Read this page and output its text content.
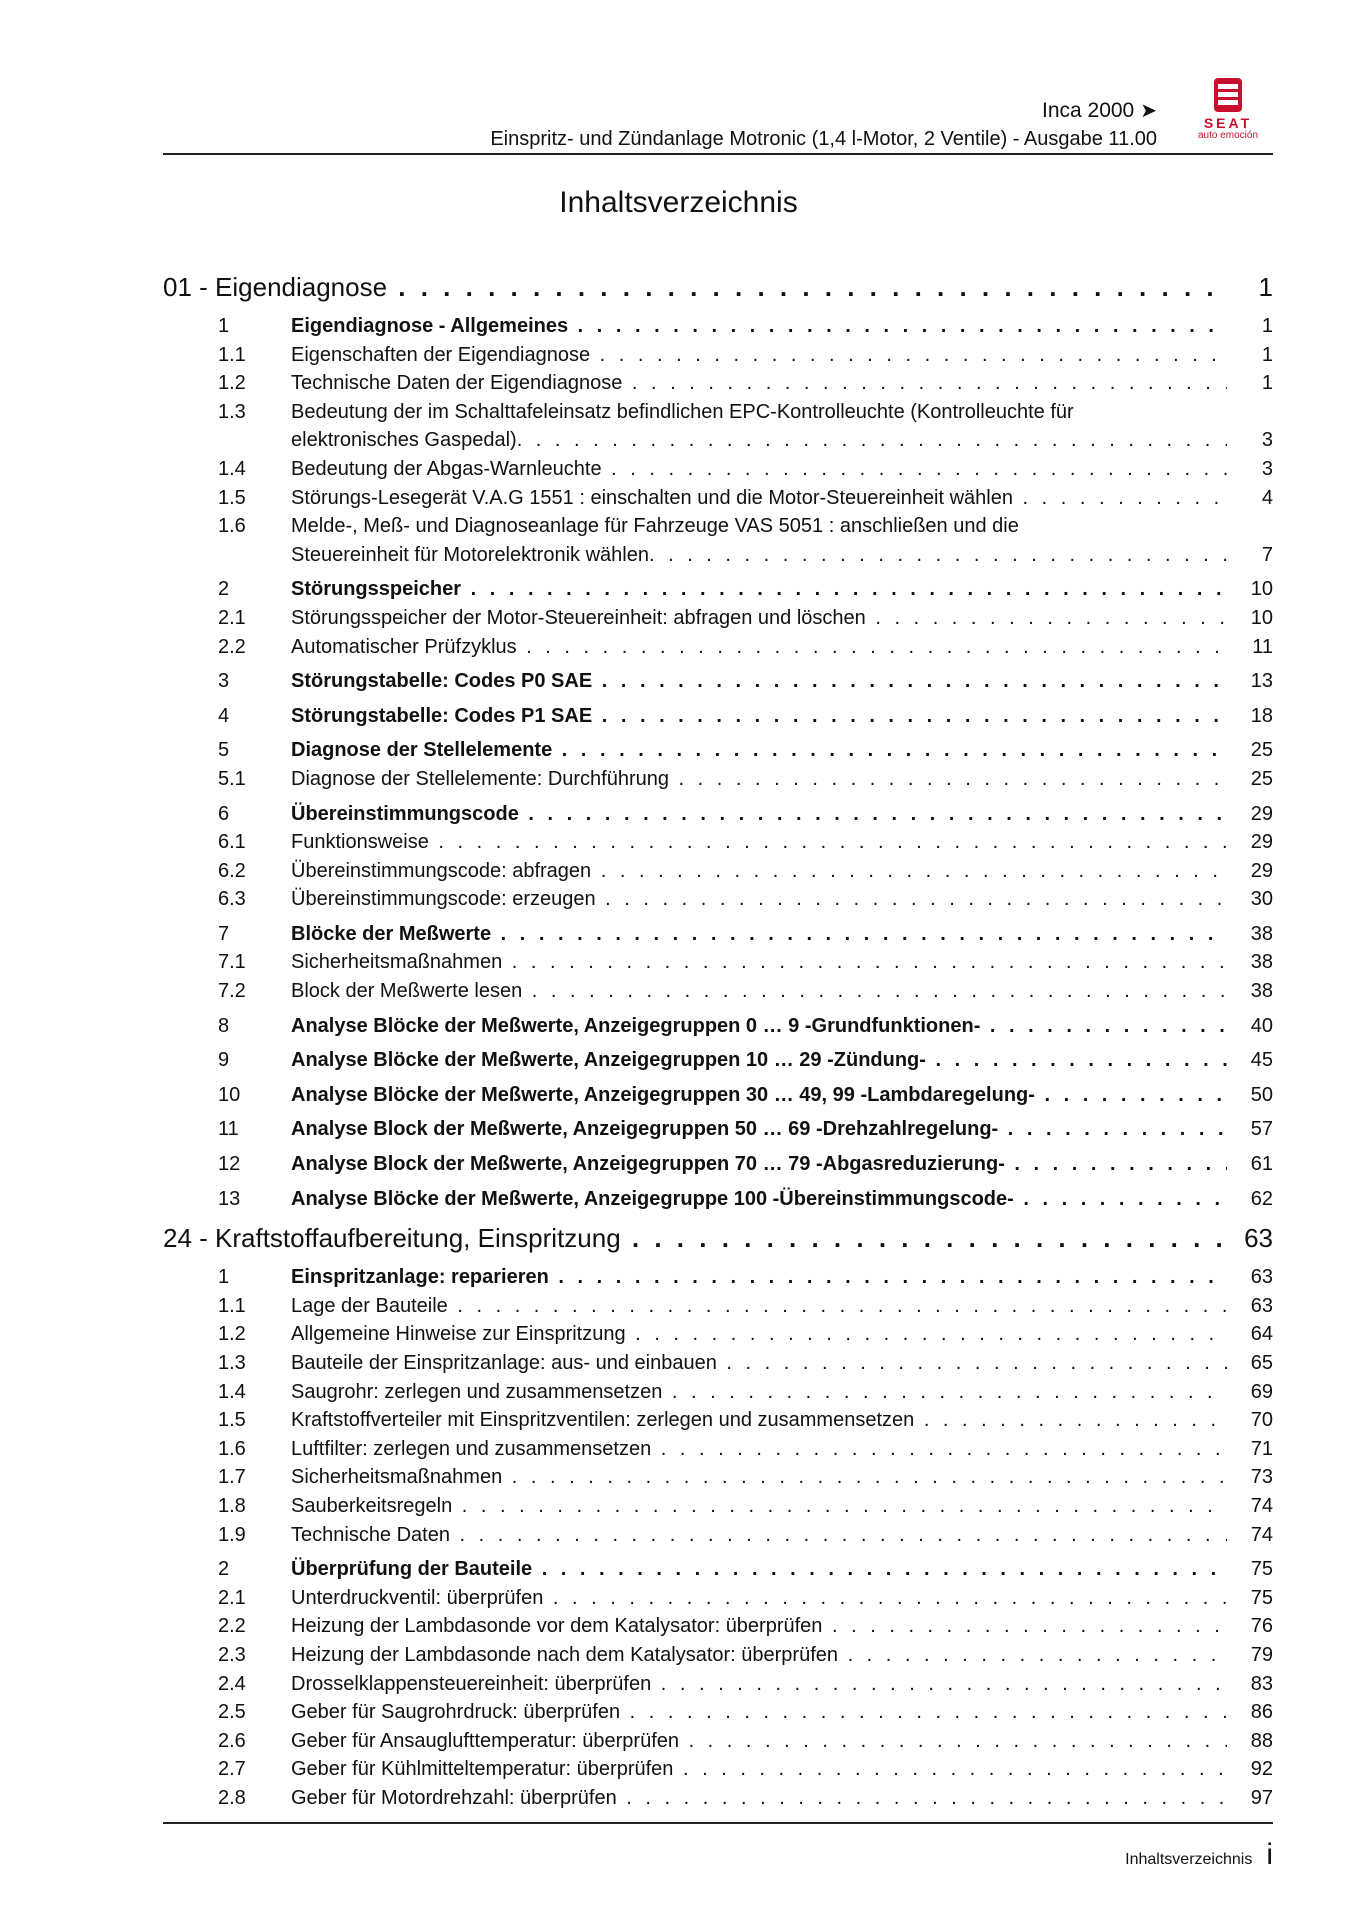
Inca 2000 ➤
Einspritz- und Zündanlage Motronic (1,4 l-Motor, 2 Ventile) - Ausgabe 11.00
SEAT
auto emoción
Inhaltsverzeichnis
01 - Eigendiagnose . . .	1
1	Eigendiagnose - Allgemeines . . .	1
1.1	Eigenschaften der Eigendiagnose . . .	1
1.2	Technische Daten der Eigendiagnose . . .	1
1.3	Bedeutung der im Schalttafeleinsatz befindlichen EPC-Kontrolleuchte (Kontrolleuchte für
elektronisches Gaspedal) . . .	3
1.4	Bedeutung der Abgas-Warnleuchte . . .	3
1.5	Störungs-Lesegerät V.A.G 1551 : einschalten und die Motor-Steuereinheit wählen . . .	4
1.6	Melde-, Meß- und Diagnoseanlage für Fahrzeuge VAS 5051 : anschließen und die
Steuereinheit für Motorelektronik wählen . . .	7
2	Störungsspeicher . . .	10
2.1	Störungsspeicher der Motor-Steuereinheit: abfragen und löschen . . .	10
2.2	Automatischer Prüfzyklus . . .	11
3	Störungstabelle: Codes P0 SAE . . .	13
4	Störungstabelle: Codes P1 SAE . . .	18
5	Diagnose der Stellelemente . . .	25
5.1	Diagnose der Stellelemente: Durchführung . . .	25
6	Übereinstimmungscode . . .	29
6.1	Funktionsweise . . .	29
6.2	Übereinstimmungscode: abfragen . . .	29
6.3	Übereinstimmungscode: erzeugen . . .	30
7	Blöcke der Meßwerte . . .	38
7.1	Sicherheitsmaßnahmen . . .	38
7.2	Block der Meßwerte lesen . . .	38
8	Analyse Blöcke der Meßwerte, Anzeigegruppen 0 … 9 -Grundfunktionen- . . .	40
9	Analyse Blöcke der Meßwerte, Anzeigegruppen 10 … 29 -Zündung- . . .	45
10	Analyse Blöcke der Meßwerte, Anzeigegruppen 30 … 49, 99 -Lambdaregelung- . . .	50
11	Analyse Block der Meßwerte, Anzeigegruppen 50 … 69 -Drehzahlregelung- . . .	57
12	Analyse Block der Meßwerte, Anzeigegruppen 70 … 79 -Abgasreduzierung- . . .	61
13	Analyse Blöcke der Meßwerte, Anzeigegruppe 100 -Übereinstimmungscode- . . .	62
24 - Kraftstoffaufbereitung, Einspritzung . . .	63
1	Einspritzanlage: reparieren . . .	63
1.1	Lage der Bauteile . . .	63
1.2	Allgemeine Hinweise zur Einspritzung . . .	64
1.3	Bauteile der Einspritzanlage: aus- und einbauen . . .	65
1.4	Saugrohr: zerlegen und zusammensetzen . . .	69
1.5	Kraftstoffverteiler mit Einspritzventilen: zerlegen und zusammensetzen . . .	70
1.6	Luftfilter: zerlegen und zusammensetzen . . .	71
1.7	Sicherheitsmaßnahmen . . .	73
1.8	Sauberkeitsregeln . . .	74
1.9	Technische Daten . . .	74
2	Überprüfung der Bauteile . . .	75
2.1	Unterdruckventil: überprüfen . . .	75
2.2	Heizung der Lambdasonde vor dem Katalysator: überprüfen . . .	76
2.3	Heizung der Lambdasonde nach dem Katalysator: überprüfen . . .	79
2.4	Drosselklappensteuereinheit: überprüfen . . .	83
2.5	Geber für Saugrohrdruck: überprüfen . . .	86
2.6	Geber für Ansauglufttemperatur: überprüfen . . .	88
2.7	Geber für Kühlmitteltemperatur: überprüfen . . .	92
2.8	Geber für Motordrehzahl: überprüfen . . .	97
Inhaltsverzeichnis i
